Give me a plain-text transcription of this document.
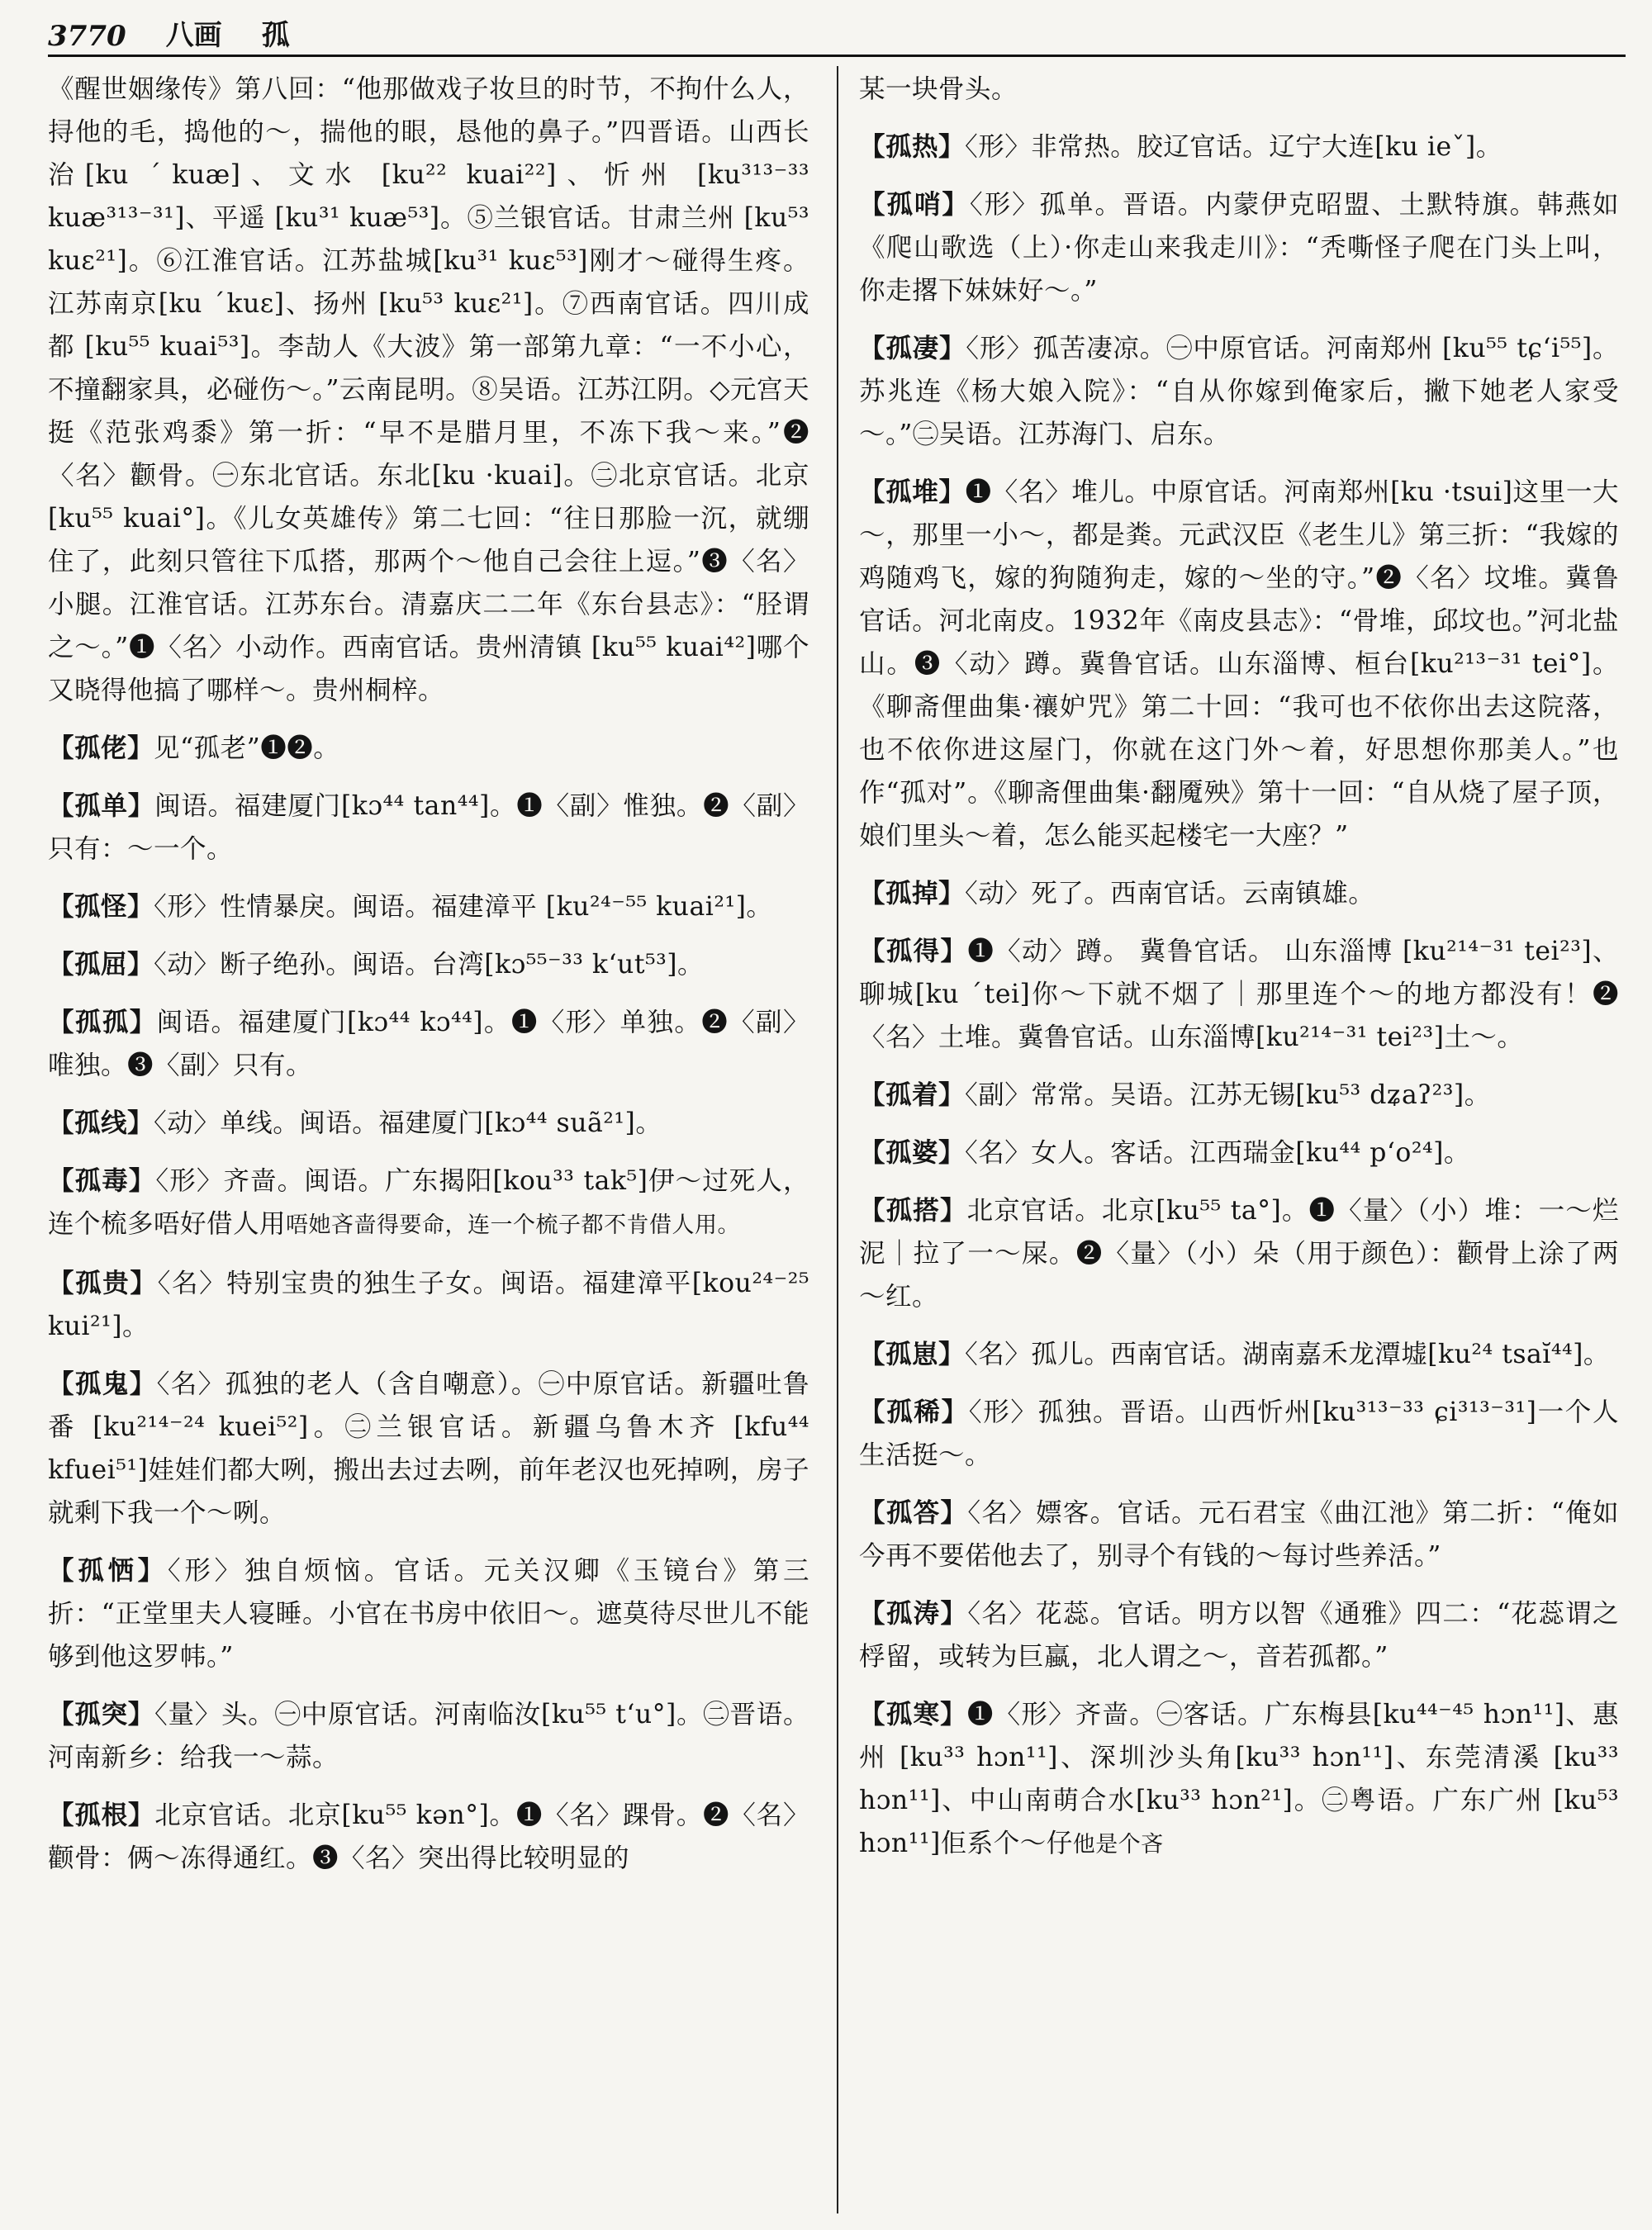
3770 八画 孤

《醒世姻缘传》第八回：“他那做戏子妆旦的时节，不拘什么人，挦他的毛，捣他的～，揣他的眼，恳他的鼻子。”四晋语。山西长治[ku ˊkuæ]、文水 [ku²² kuai²²]、忻州 [ku³¹³⁻³³ kuæ³¹³⁻³¹]、平遥 [ku³¹ kuæ⁵³]。⑤兰银官话。甘肃兰州 [ku⁵³ kuɛ²¹]。⑥江淮官话。江苏盐城[ku³¹ kuɛ⁵³]刚才～碰得生疼。江苏南京[ku ˊkuɛ]、扬州 [ku⁵³ kuɛ²¹]。⑦西南官话。四川成都 [ku⁵⁵ kuai⁵³]。李劼人《大波》第一部第九章：“一不小心，不撞翻家具，必碰伤～。”云南昆明。⑧吴语。江苏江阴。◇元宫天挺《范张鸡黍》第一折：“早不是腊月里，不冻下我～来。”❷〈名〉颧骨。㊀东北官话。东北[ku ·kuai]。㊁北京官话。北京[ku⁵⁵ kuai°]。《儿女英雄传》第二七回：“往日那脸一沉，就绷住了，此刻只管往下瓜搭，那两个～他自己会往上逗。”❸〈名〉小腿。江淮官话。江苏东台。清嘉庆二二年《东台县志》：“胫谓之～。”❶〈名〉小动作。西南官话。贵州清镇 [ku⁵⁵ kuai⁴²]哪个又晓得他搞了哪样～。贵州桐梓。

【孤佬】见“孤老”❶❷。

【孤单】闽语。福建厦门[kɔ⁴⁴ tan⁴⁴]。❶〈副〉惟独。❷〈副〉只有：～一个。

【孤怪】〈形〉性情暴戾。闽语。福建漳平 [ku²⁴⁻⁵⁵ kuai²¹]。

【孤屈】〈动〉断子绝孙。闽语。台湾[kɔ⁵⁵⁻³³ kʻut⁵³]。

【孤孤】闽语。福建厦门[kɔ⁴⁴ kɔ⁴⁴]。❶〈形〉单独。❷〈副〉唯独。❸〈副〉只有。

【孤线】〈动〉单线。闽语。福建厦门[kɔ⁴⁴ suã²¹]。

【孤毒】〈形〉齐啬。闽语。广东揭阳[kou³³ tak⁵]伊～过死人，连个梳多唔好借人用唔她吝啬得要命，连一个梳子都不肯借人用。

【孤贵】〈名〉特别宝贵的独生子女。闽语。福建漳平[kou²⁴⁻²⁵ kui²¹]。

【孤鬼】〈名〉孤独的老人（含自嘲意）。㊀中原官话。新疆吐鲁番 [ku²¹⁴⁻²⁴ kuei⁵²]。㊁兰银官话。新疆乌鲁木齐 [kfu⁴⁴ kfuei⁵¹]娃娃们都大咧，搬出去过去咧，前年老汉也死掉咧，房子就剩下我一个～咧。

【孤恓】〈形〉独自烦恼。官话。元关汉卿《玉镜台》第三折：“正堂里夫人寝睡。小官在书房中依旧～。遮莫待尽世儿不能够到他这罗帏。”

【孤突】〈量〉头。㊀中原官话。河南临汝[ku⁵⁵ tʻu°]。㊁晋语。河南新乡：给我一～蒜。

【孤根】北京官话。北京[ku⁵⁵ kən°]。❶〈名〉踝骨。❷〈名〉颧骨：俩～冻得通红。❸〈名〉突出得比较明显的

某一块骨头。

【孤热】〈形〉非常热。胶辽官话。辽宁大连[ku ieˇ]。

【孤哨】〈形〉孤单。晋语。内蒙伊克昭盟、土默特旗。韩燕如《爬山歌选（上）·你走山来我走川》：“秃嘶怪子爬在门头上叫，你走撂下妹妹好～。”

【孤凄】〈形〉孤苦凄凉。㊀中原官话。河南郑州 [ku⁵⁵ tɕʻi⁵⁵]。苏兆连《杨大娘入院》：“自从你嫁到俺家后，撇下她老人家受～。”㊁吴语。江苏海门、启东。

【孤堆】❶〈名〉堆儿。中原官话。河南郑州[ku ·tsui]这里一大～，那里一小～，都是粪。元武汉臣《老生儿》第三折：“我嫁的鸡随鸡飞，嫁的狗随狗走，嫁的～坐的守。”❷〈名〉坟堆。冀鲁官话。河北南皮。1932年《南皮县志》：“骨堆，邱坟也。”河北盐山。❸〈动〉蹲。冀鲁官话。山东淄博、桓台[ku²¹³⁻³¹ tei°]。《聊斋俚曲集·禳妒咒》第二十回：“我可也不依你出去这院落，也不依你进这屋门，你就在这门外～着，好思想你那美人。”也作“孤对”。《聊斋俚曲集·翻魇殃》第十一回：“自从烧了屋子顶，娘们里头～着，怎么能买起楼宅一大座？”

【孤掉】〈动〉死了。西南官话。云南镇雄。

【孤得】❶〈动〉蹲。 冀鲁官话。 山东淄博 [ku²¹⁴⁻³¹ tei²³]、聊城[ku ˊtei]你～下就不烟了｜那里连个～的地方都没有！❷〈名〉土堆。冀鲁官话。山东淄博[ku²¹⁴⁻³¹ tei²³]土～。

【孤着】〈副〉常常。吴语。江苏无锡[ku⁵³ dʑaʔ²³]。

【孤婆】〈名〉女人。客话。江西瑞金[ku⁴⁴ pʻo²⁴]。

【孤搭】北京官话。北京[ku⁵⁵ ta°]。❶〈量〉（小）堆：一～烂泥｜拉了一～屎。❷〈量〉（小）朵（用于颜色）：颧骨上涂了两～红。

【孤崽】〈名〉孤儿。西南官话。湖南嘉禾龙潭墟[ku²⁴ tsaĭ⁴⁴]。

【孤稀】〈形〉孤独。晋语。山西忻州[ku³¹³⁻³³ ɕi³¹³⁻³¹]一个人生活挺～。

【孤答】〈名〉嫖客。官话。元石君宝《曲江池》第二折：“俺如今再不要偌他去了，别寻个有钱的～每讨些养活。”

【孤涛】〈名〉花蕊。官话。明方以智《通雅》四二：“花蕊谓之桴留，或转为巨蠃，北人谓之～，音若孤都。”

【孤寒】❶〈形〉齐啬。㊀客话。广东梅县[ku⁴⁴⁻⁴⁵ hɔn¹¹]、惠州 [ku³³ hɔn¹¹]、深圳沙头角[ku³³ hɔn¹¹]、东莞清溪 [ku³³ hɔn¹¹]、中山南萌合水[ku³³ hɔn²¹]。㊁粤语。广东广州 [ku⁵³ hɔn¹¹]佢系个～仔他是个吝
